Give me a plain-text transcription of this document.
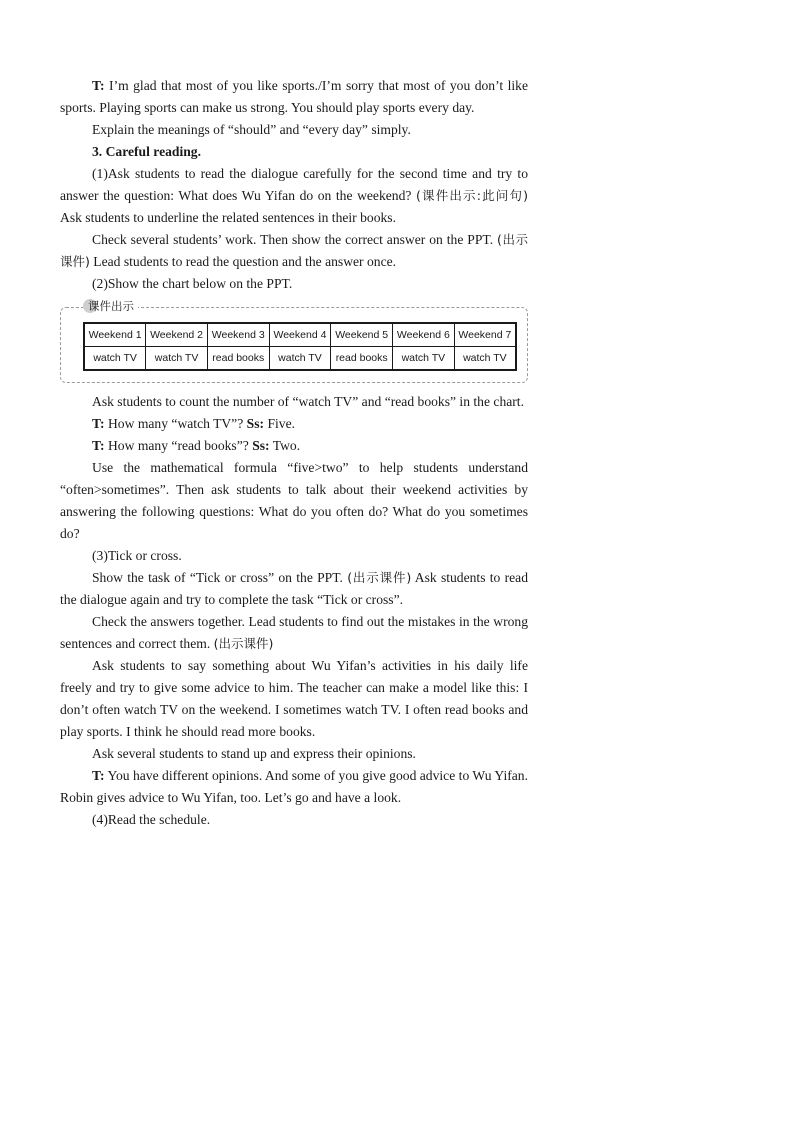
T: I’m glad that most of you like sports./I’m sorry that most of you don’t like sports. Playing sports can make us strong. You should play sports every day.

Explain the meanings of “should” and “every day” simply.

3. Careful reading.

(1)Ask students to read the dialogue carefully for the second time and try to answer the question: What does Wu Yifan do on the weekend? (课件出示:此问句) Ask students to underline the related sentences in their books.

Check several students’ work. Then show the correct answer on the PPT. (出示课件) Lead students to read the question and the answer once.

(2)Show the chart below on the PPT.

课件出示
Weekend 1	Weekend 2	Weekend 3	Weekend 4	Weekend 5	Weekend 6	Weekend 7
watch TV	watch TV	read books	watch TV	read books	watch TV	watch TV

Ask students to count the number of “watch TV” and “read books” in the chart.

T: How many “watch TV”? Ss: Five.

T: How many “read books”? Ss: Two.

Use the mathematical formula “five>two” to help students understand “often>sometimes”. Then ask students to talk about their weekend activities by answering the following questions: What do you often do? What do you sometimes do?

(3)Tick or cross.

Show the task of “Tick or cross” on the PPT. (出示课件) Ask students to read the dialogue again and try to complete the task “Tick or cross”.

Check the answers together. Lead students to find out the mistakes in the wrong sentences and correct them. (出示课件)

Ask students to say something about Wu Yifan’s activities in his daily life freely and try to give some advice to him. The teacher can make a model like this: I don’t often watch TV on the weekend. I sometimes watch TV. I often read books and play sports. I think he should read more books.

Ask several students to stand up and express their opinions.

T: You have different opinions. And some of you give good advice to Wu Yifan. Robin gives advice to Wu Yifan, too. Let’s go and have a look.

(4)Read the schedule.
